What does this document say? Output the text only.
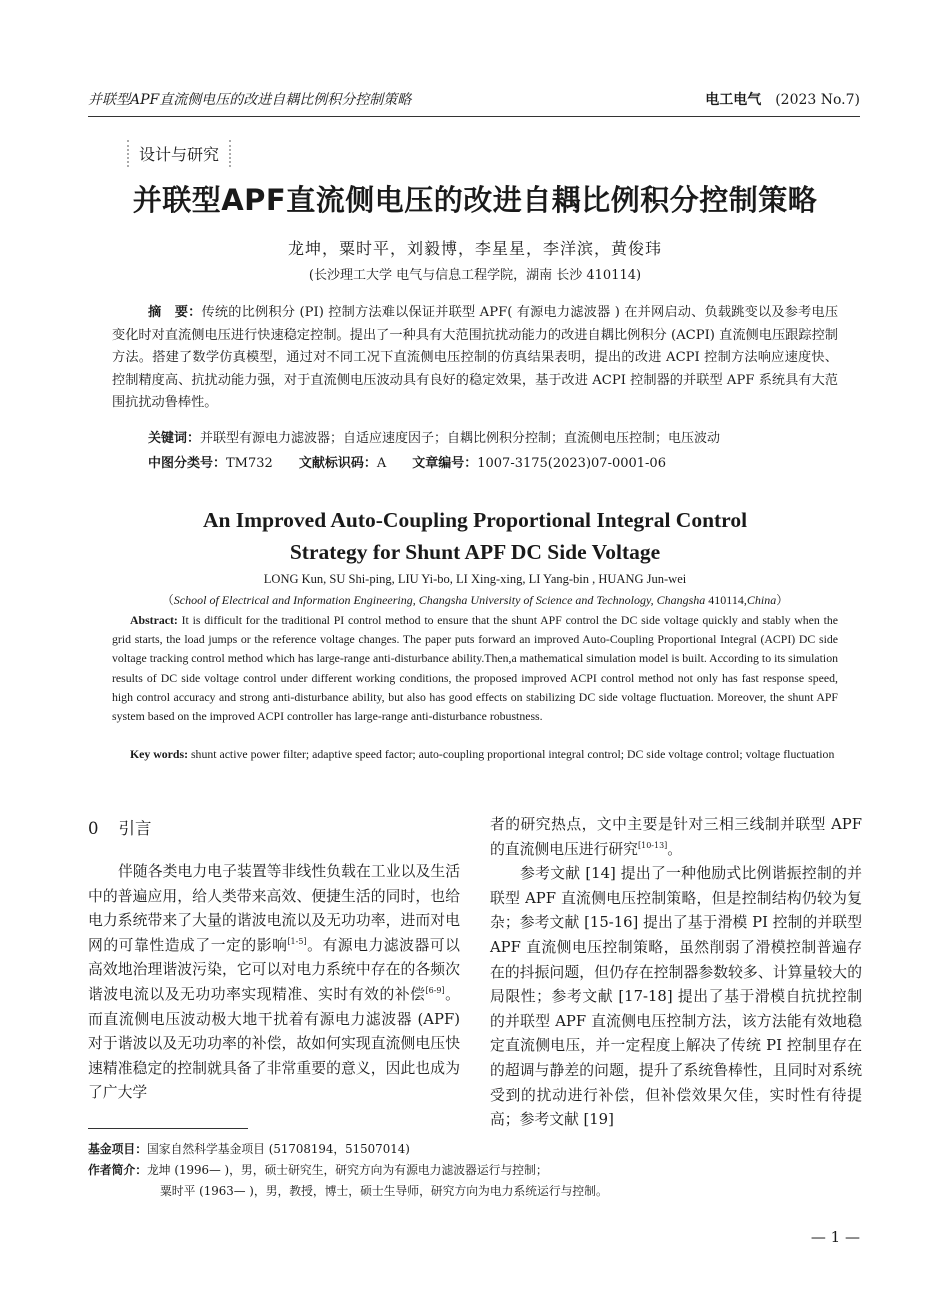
并联型APF直流侧电压的改进自耦比例积分控制策略	电工电气 (2023 No.7)
设计与研究
并联型APF直流侧电压的改进自耦比例积分控制策略
龙坤，粟时平，刘毅博，李星星，李洋滨，黄俊玮
(长沙理工大学 电气与信息工程学院，湖南 长沙 410114)
摘　要：传统的比例积分 (PI) 控制方法难以保证并联型 APF( 有源电力滤波器 ) 在并网启动、负载跳变以及参考电压变化时对直流侧电压进行快速稳定控制。提出了一种具有大范围抗扰动能力的改进自耦比例积分 (ACPI) 直流侧电压跟踪控制方法。搭建了数学仿真模型，通过对不同工况下直流侧电压控制的仿真结果表明，提出的改进 ACPI 控制方法响应速度快、控制精度高、抗扰动能力强，对于直流侧电压波动具有良好的稳定效果，基于改进 ACPI 控制器的并联型 APF 系统具有大范围抗扰动鲁棒性。
关键词：并联型有源电力滤波器；自适应速度因子；自耦比例积分控制；直流侧电压控制；电压波动
中图分类号：TM732 文献标识码：A 文章编号：1007-3175(2023)07-0001-06
An Improved Auto-Coupling Proportional Integral Control
Strategy for Shunt APF DC Side Voltage
LONG Kun, SU Shi-ping, LIU Yi-bo, LI Xing-xing, LI Yang-bin , HUANG Jun-wei
（School of Electrical and Information Engineering, Changsha University of Science and Technology, Changsha 410114,China）
Abstract: It is difficult for the traditional PI control method to ensure that the shunt APF control the DC side voltage quickly and stably when the grid starts, the load jumps or the reference voltage changes. The paper puts forward an improved Auto-Coupling Proportional Integral (ACPI) DC side voltage tracking control method which has large-range anti-disturbance ability.Then,a mathematical simulation model is built. According to its simulation results of DC side voltage control under different working conditions, the proposed improved ACPI control method not only has fast response speed, high control accuracy and strong anti-disturbance ability, but also has good effects on stabilizing DC side voltage fluctuation. Moreover, the shunt APF system based on the improved ACPI controller has large-range anti-disturbance robustness.
Key words: shunt active power filter; adaptive speed factor; auto-coupling proportional integral control; DC side voltage control; voltage fluctuation
0 引言

伴随各类电力电子装置等非线性负载在工业以及生活中的普遍应用，给人类带来高效、便捷生活的同时，也给电力系统带来了大量的谐波电流以及无功功率，进而对电网的可靠性造成了一定的影响[1-5]。有源电力滤波器可以高效地治理谐波污染，它可以对电力系统中存在的各频次谐波电流以及无功功率实现精准、实时有效的补偿[6-9]。而直流侧电压波动极大地干扰着有源电力滤波器 (APF) 对于谐波以及无功功率的补偿，故如何实现直流侧电压快速精准稳定的控制就具备了非常重要的意义，因此也成为了广大学

者的研究热点，文中主要是针对三相三线制并联型 APF 的直流侧电压进行研究[10-13]。

参考文献 [14] 提出了一种他励式比例谐振控制的并联型 APF 直流侧电压控制策略，但是控制结构仍较为复杂；参考文献 [15-16] 提出了基于滑模 PI 控制的并联型 APF 直流侧电压控制策略，虽然削弱了滑模控制普遍存在的抖振问题，但仍存在控制器参数较多、计算量较大的局限性；参考文献 [17-18] 提出了基于滑模自抗扰控制的并联型 APF 直流侧电压控制方法，该方法能有效地稳定直流侧电压，并一定程度上解决了传统 PI 控制里存在的超调与静差的问题，提升了系统鲁棒性，且同时对系统受到的扰动进行补偿，但补偿效果欠佳，实时性有待提高；参考文献 [19]

基金项目：国家自然科学基金项目 (51708194，51507014)
作者简介：龙坤 (1996— )，男，硕士研究生，研究方向为有源电力滤波器运行与控制；
粟时平 (1963— )，男，教授，博士，硕士生导师，研究方向为电力系统运行与控制。
— 1 —
